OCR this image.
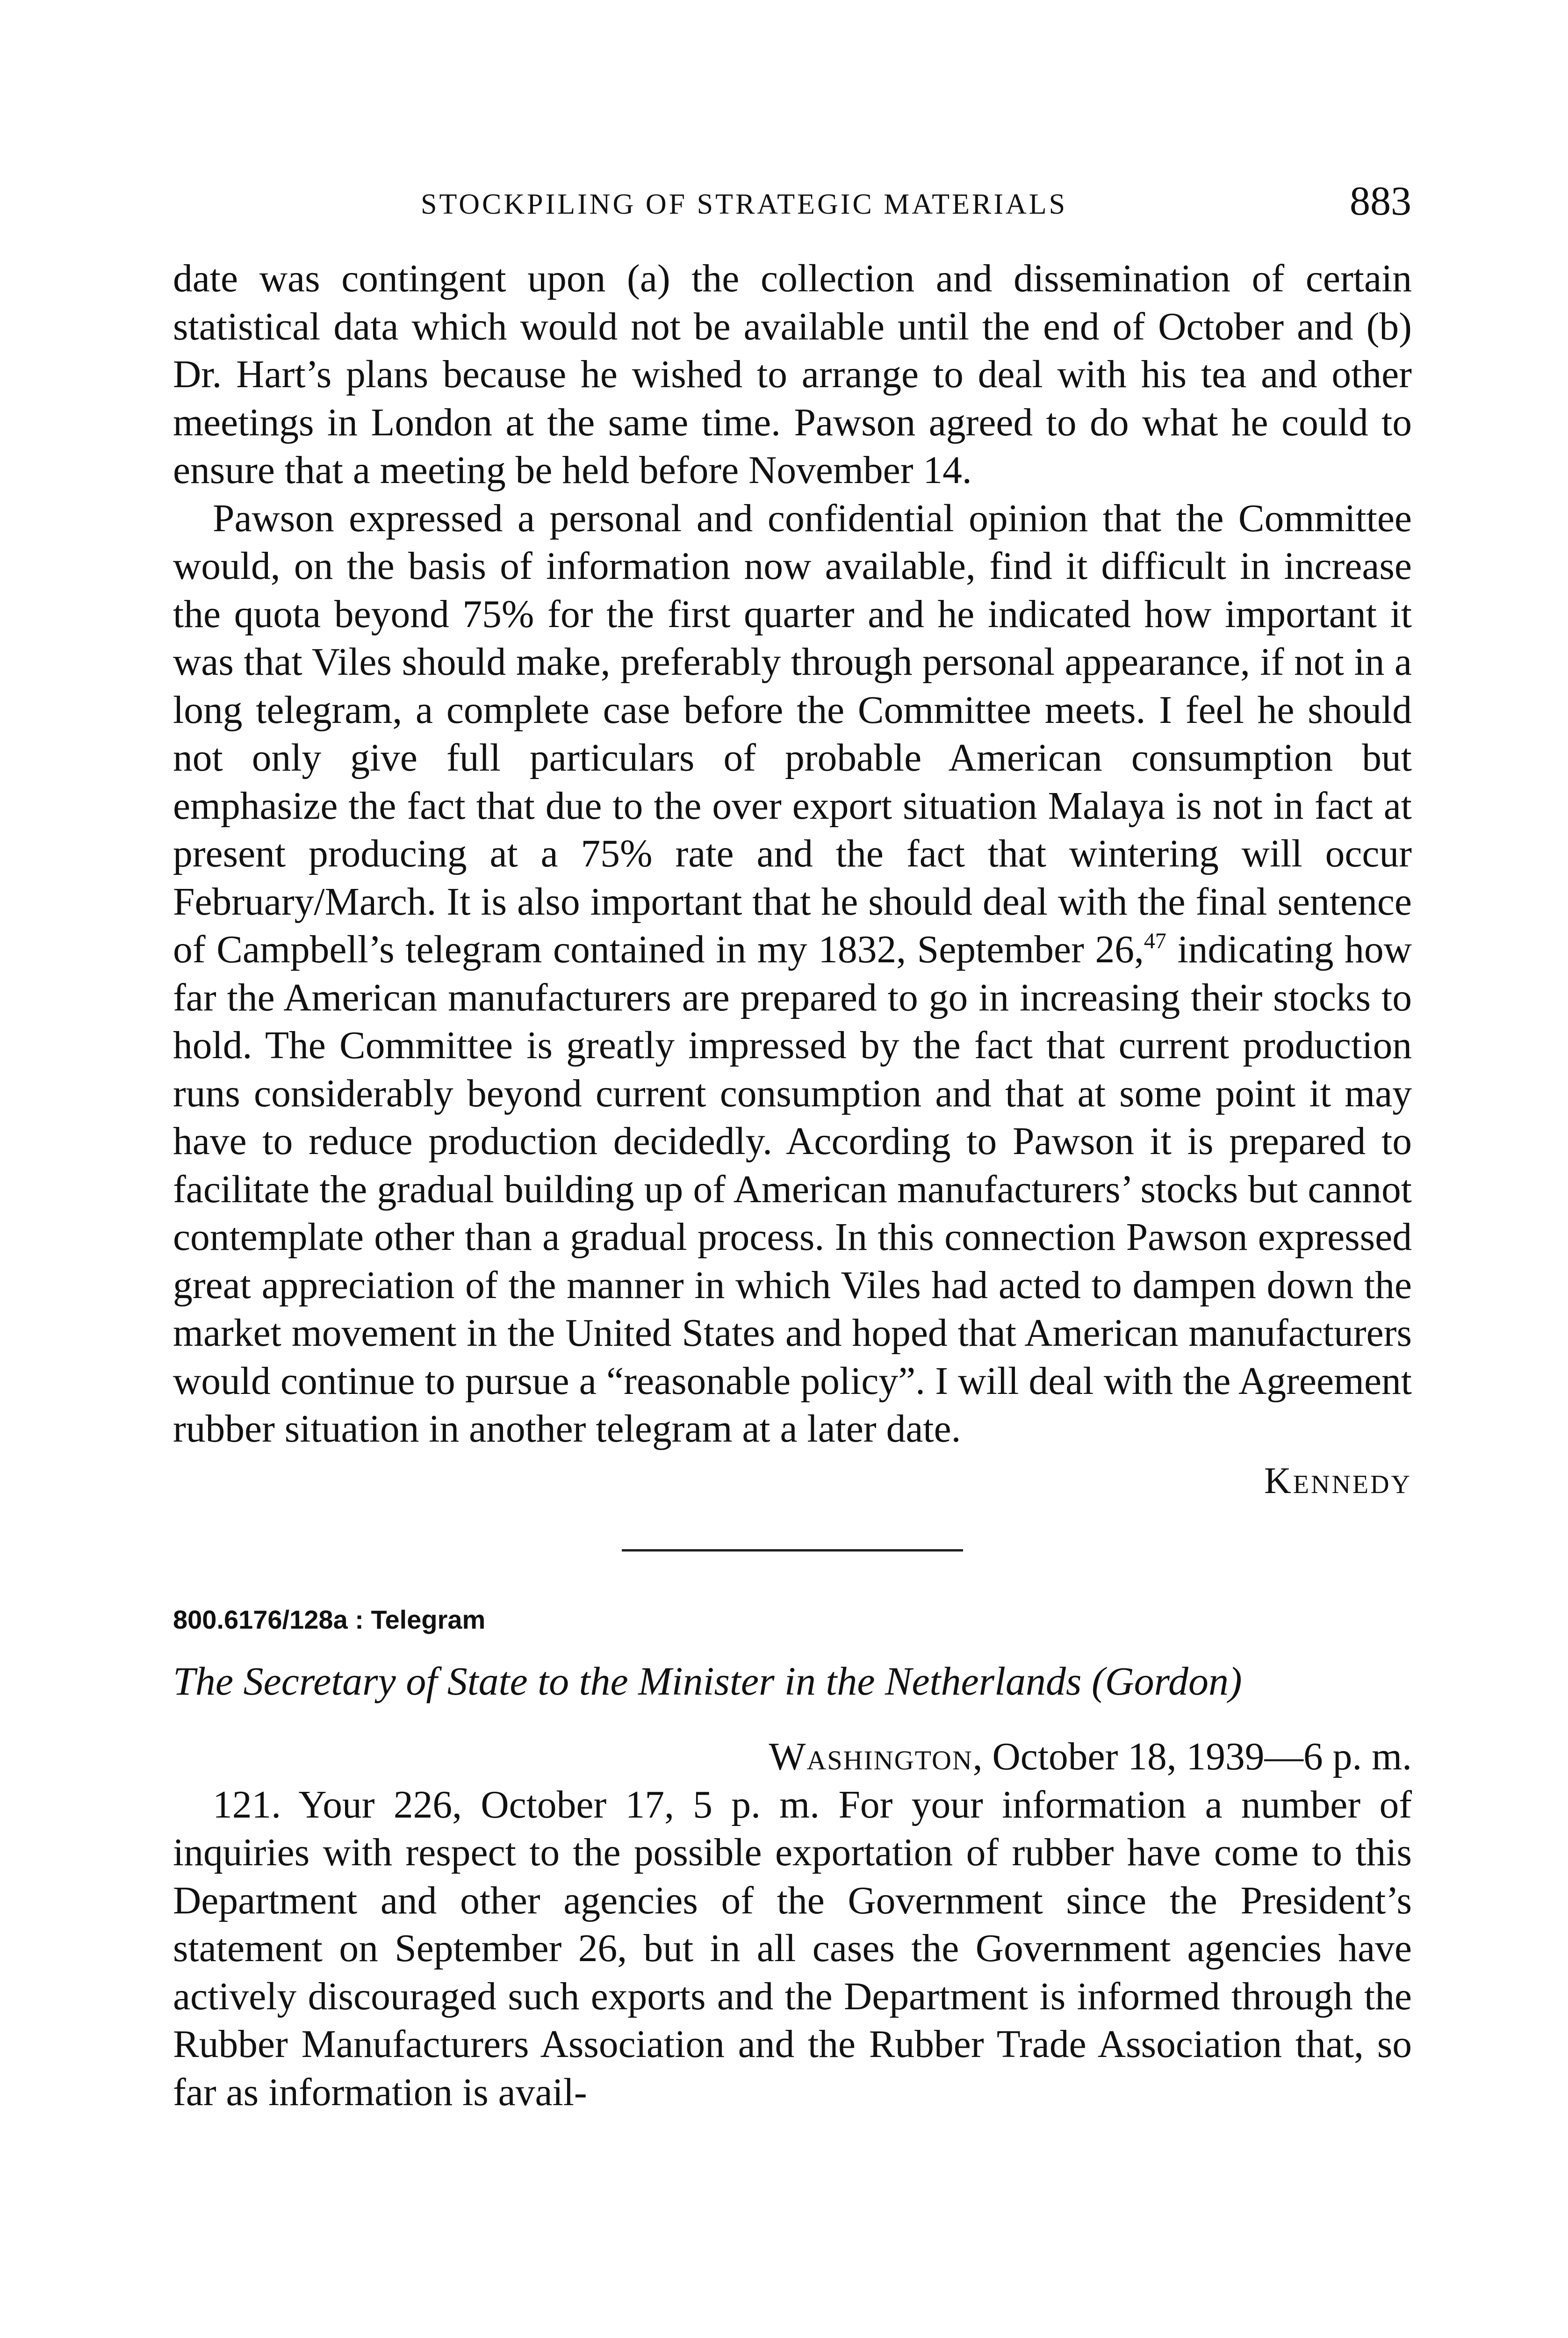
STOCKPILING OF STRATEGIC MATERIALS	883

date was contingent upon (a) the collection and dissemination of certain statistical data which would not be available until the end of October and (b) Dr. Hart’s plans because he wished to arrange to deal with his tea and other meetings in London at the same time. Pawson agreed to do what he could to ensure that a meeting be held before November 14.

Pawson expressed a personal and confidential opinion that the Committee would, on the basis of information now available, find it difficult in increase the quota beyond 75% for the first quarter and he indicated how important it was that Viles should make, preferably through personal appearance, if not in a long telegram, a complete case before the Committee meets. I feel he should not only give full particulars of probable American consumption but emphasize the fact that due to the over export situation Malaya is not in fact at present producing at a 75% rate and the fact that wintering will occur February/March. It is also important that he should deal with the final sentence of Campbell’s telegram contained in my 1832, September 26,47 indicating how far the American manufacturers are prepared to go in increasing their stocks to hold. The Committee is greatly impressed by the fact that current production runs considerably beyond current consumption and that at some point it may have to reduce production decidedly. According to Pawson it is prepared to facilitate the gradual building up of American manufacturers’ stocks but cannot contemplate other than a gradual process. In this connection Pawson expressed great appreciation of the manner in which Viles had acted to dampen down the market movement in the United States and hoped that American manufacturers would continue to pursue a “reasonable policy”. I will deal with the Agreement rubber situation in another telegram at a later date.

Kennedy

800.6176/128a : Telegram

The Secretary of State to the Minister in the Netherlands (Gordon)

Washington, October 18, 1939—6 p. m.

121. Your 226, October 17, 5 p. m. For your information a number of inquiries with respect to the possible exportation of rubber have come to this Department and other agencies of the Government since the President’s statement on September 26, but in all cases the Government agencies have actively discouraged such exports and the Department is informed through the Rubber Manufacturers Association and the Rubber Trade Association that, so far as information is avail-
